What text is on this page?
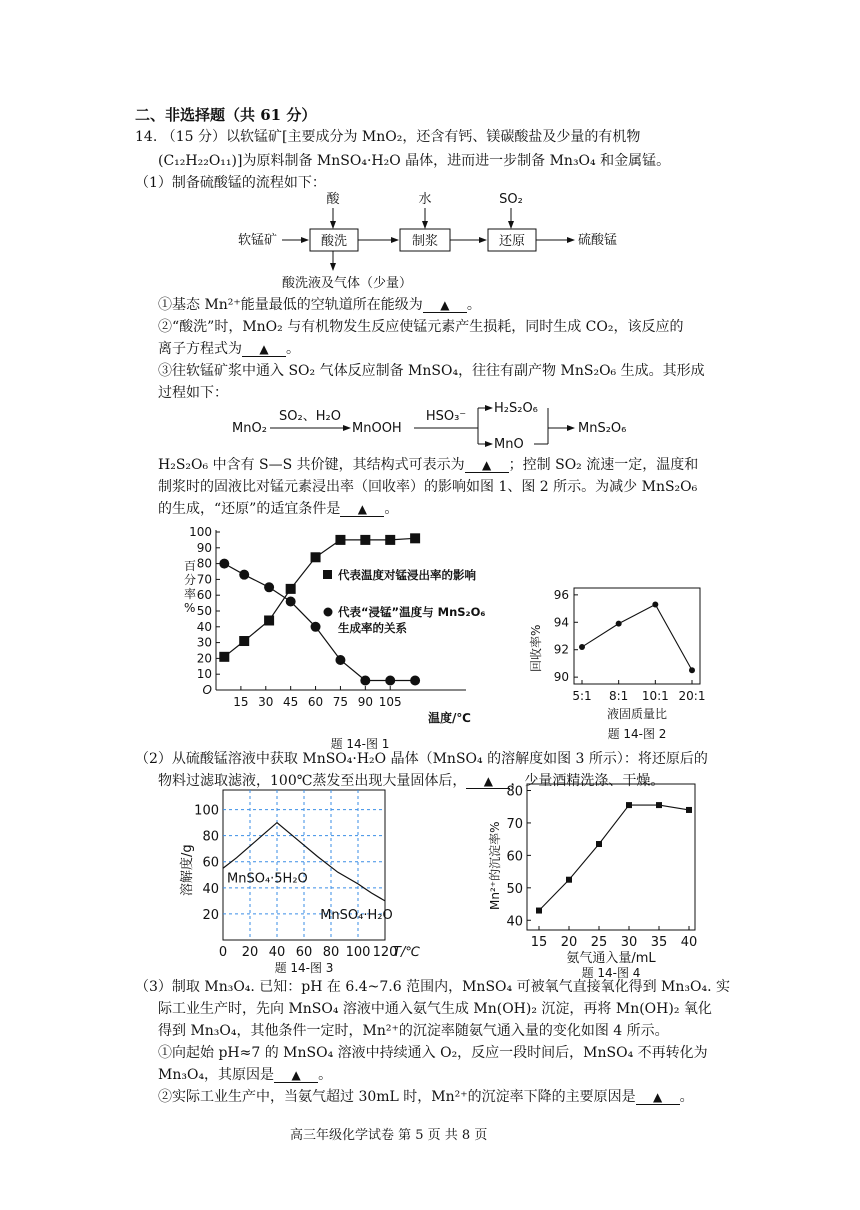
二、非选择题（共 61 分）
14. （15 分）以软锰矿[主要成分为 MnO₂，还含有钙、镁碳酸盐及少量的有机物
(C₁₂H₂₂O₁₁)]为原料制备 MnSO₄·H₂O 晶体，进而进一步制备 Mn₃O₄ 和金属锰。
（1）制备硫酸锰的流程如下：
酸	水	SO₂
软锰矿	酸洗	制浆	还原	硫酸锰
酸洗液及气体（少量）
MnO₂
SO₂、H₂O
MnOOH
HSO₃⁻
H₂S₂O₆
MnO
MnS₂O₆
①基态 Mn²⁺能量最低的空轨道所在能级为 ▲ 。
②“酸洗”时，MnO₂ 与有机物发生反应使锰元素产生损耗，同时生成 CO₂，该反应的
离子方程式为 ▲ 。
③往软锰矿浆中通入 SO₂ 气体反应制备 MnSO₄，往往有副产物 MnS₂O₆ 生成。其形成
过程如下：
H₂S₂O₆ 中含有 S—S 共价键，其结构式可表示为 ▲ ；控制 SO₂ 流速一定，温度和
制浆时的固液比对锰元素浸出率（回收率）的影响如图 1、图 2 所示。为减少 MnS₂O₆
的生成，“还原”的适宜条件是 ▲ 。
O
10
20
30
40
50
60
70
80
90
100
15 30 45 60 75 90 105
百
分
率
%
温度/℃
代表温度对锰浸出率的影响
代表“浸锰”温度与 MnS₂O₆
生成率的关系
题 14-图 1
90
92
94
96
5:1 8:1 10:1 20:1
回收率%
液固质量比
题 14-图 2
（2）从硫酸锰溶液中获取 MnSO₄·H₂O 晶体（MnSO₄ 的溶解度如图 3 所示）：将还原后的
物料过滤取滤液，100℃蒸发至出现大量固体后， ▲ ，少量酒精洗涤、干燥。
20
40
60
80
100
0 20 40 60 80 100 120
T/℃
溶解度/g MnSO₄·5H₂O
MnSO₄·H₂O
题 14-图 3
40
50
60
70
80
15 20 25 30 35 40
Mn²⁺的沉淀率%
氨气通入量/mL
题 14-图 4
（3）制取 Mn₃O₄. 已知：pH 在 6.4~7.6 范围内，MnSO₄ 可被氧气直接氧化得到 Mn₃O₄. 实
际工业生产时，先向 MnSO₄ 溶液中通入氨气生成 Mn(OH)₂ 沉淀，再将 Mn(OH)₂ 氧化
得到 Mn₃O₄，其他条件一定时，Mn²⁺的沉淀率随氨气通入量的变化如图 4 所示。
①向起始 pH≈7 的 MnSO₄ 溶液中持续通入 O₂，反应一段时间后，MnSO₄ 不再转化为
Mn₃O₄，其原因是 ▲ 。
②实际工业生产中，当氨气超过 30mL 时，Mn²⁺的沉淀率下降的主要原因是 ▲ 。
高三年级化学试卷 第 5 页 共 8 页
